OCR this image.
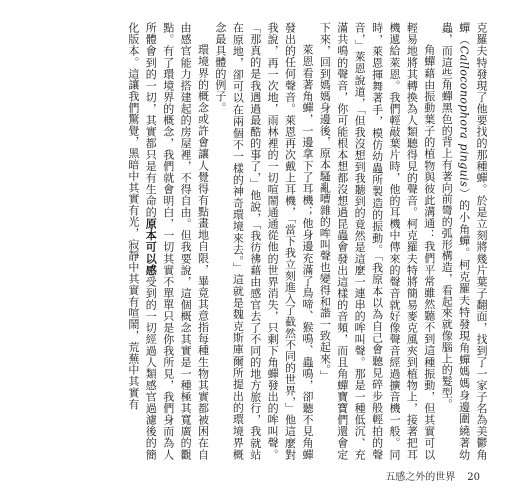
克羅夫特發現了他要找的那種蟬。於是立刻將幾片葉子翻面，找到了一家子名為美鬱角蟬（Calloconophora pinguis）的小角蟬。柯克羅夫特發現角蟬媽媽身邊圍繞著幼蟲，而這些角蟬黑色的背上有著向前彎的弧形構造，看起來就像腦上的髮型。

角蟬藉由振動葉子的植物與彼此溝通：我們平常雖然聽不到這種振動，但其實可以輕易地將其轉換為人類聽得見的聲音。柯克羅夫特將簡易麥克風夾到植物上，接著把耳機遞給萊恩。我們輕敲葉片時，他的耳機中傳來的聲音就好像聲音經過擴音機一般。同時，萊恩揮舞著手，模仿幼蟲所製造的振動。「我原本以為自己會聽見碎步般輕拍的聲音，」萊恩說道，「但我沒想到我聽到的竟然是這麼一連串的哞叫聲。那是一種低沉、充滿共鳴的聲音，你可能根本想都沒想過昆蟲會發出這樣的音頻，而且角蟬寶寶們還會定下來，回到媽媽身邊後，原本騷亂嘈雜的哞叫聲也變得和諧一致起來。」

萊恩看著角蟬，一邊拿下了耳機；他身邊充滿了鳥啼、猴鳴、蟲鳴，卻聽不見角蟬發出的任何聲音。萊恩再次戴上耳機，「當下我立刻進入了截然不同的世界，」他這麼對我說，再一次地，雨林裡的一切喧鬧通通從他的世界消失，只剩下角蟬發出的哞叫聲。「那真的是我遇過最酷的事了，」他說，「我彷彿藉由感官去了不同的地方旅行，我就站在原地，卻可以在兩個不一樣的神奇環境來去。」這就是魏克斯庫爾所提出的環境界概念最具體的例子。

環境界的概念或許會讓人覺得有點畫地自限，畢竟其意指每種生物其實都被困在自由感官能力搭建起的房屋裡，不得自由。但我要說，這個概念其實是一種極其寬廣的觀點。有了環境界的概念，我們就會明白，一切其實不單單只是你我所見，我們身而為人所體會到的一切，其實都只是有生命的原本可以感受到的一切經過人類感官過濾後的簡化版本。這讓我們驚覺，黑暗中其實有光，寂靜中其實有喧鬧，荒蕪中其實有

五感之外的世界 20
